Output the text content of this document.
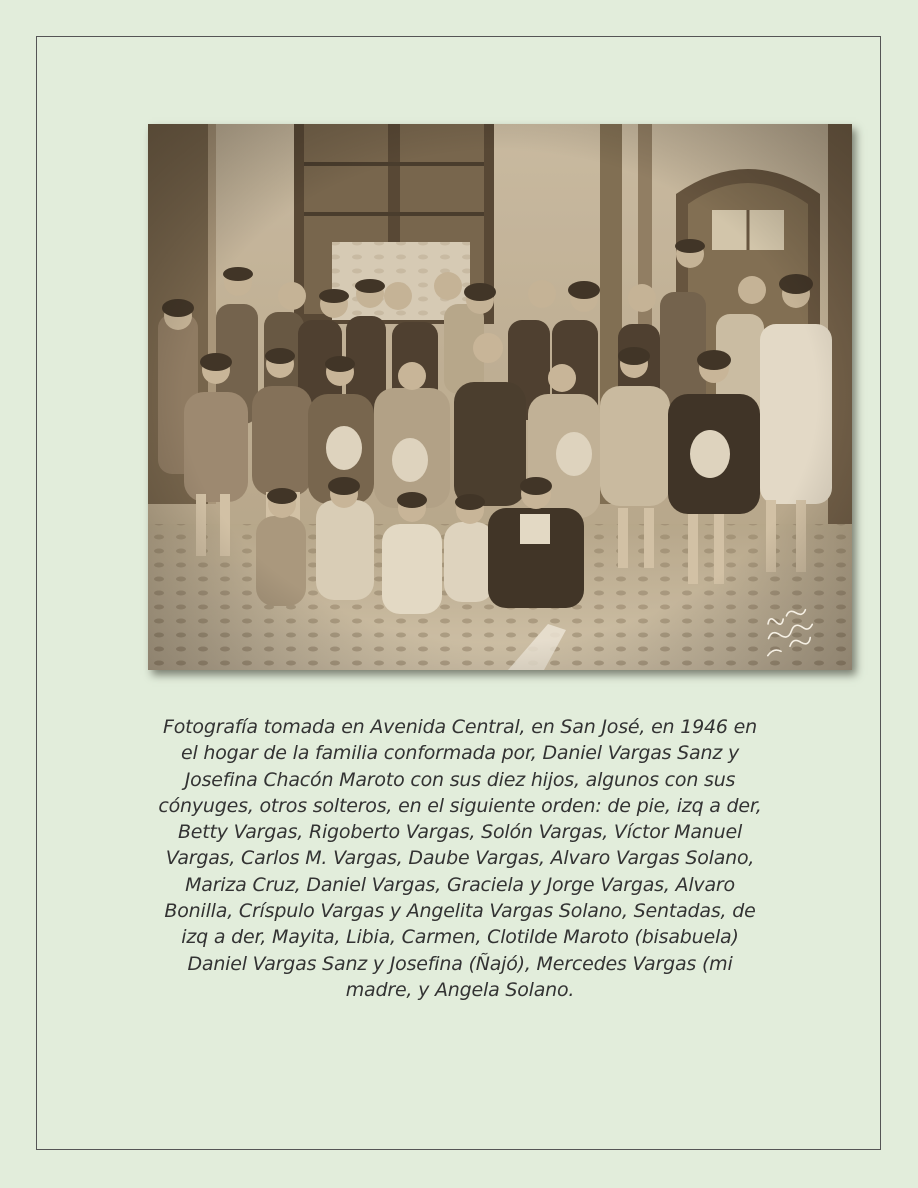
Fotografía tomada en Avenida Central, en San José, en 1946 en
el hogar de la familia conformada por, Daniel Vargas Sanz y
Josefina Chacón Maroto con sus diez hijos, algunos con sus
cónyuges, otros solteros, en el siguiente orden: de pie, izq a der,
Betty Vargas, Rigoberto Vargas, Solón Vargas, Víctor Manuel
Vargas, Carlos M. Vargas, Daube Vargas, Alvaro Vargas Solano,
Mariza Cruz, Daniel Vargas, Graciela y Jorge Vargas, Alvaro
Bonilla, Críspulo Vargas y Angelita Vargas Solano, Sentadas, de
izq a der, Mayita, Libia, Carmen, Clotilde Maroto (bisabuela)
Daniel Vargas Sanz y Josefina (Ñajó), Mercedes Vargas (mi
madre, y Angela Solano.
